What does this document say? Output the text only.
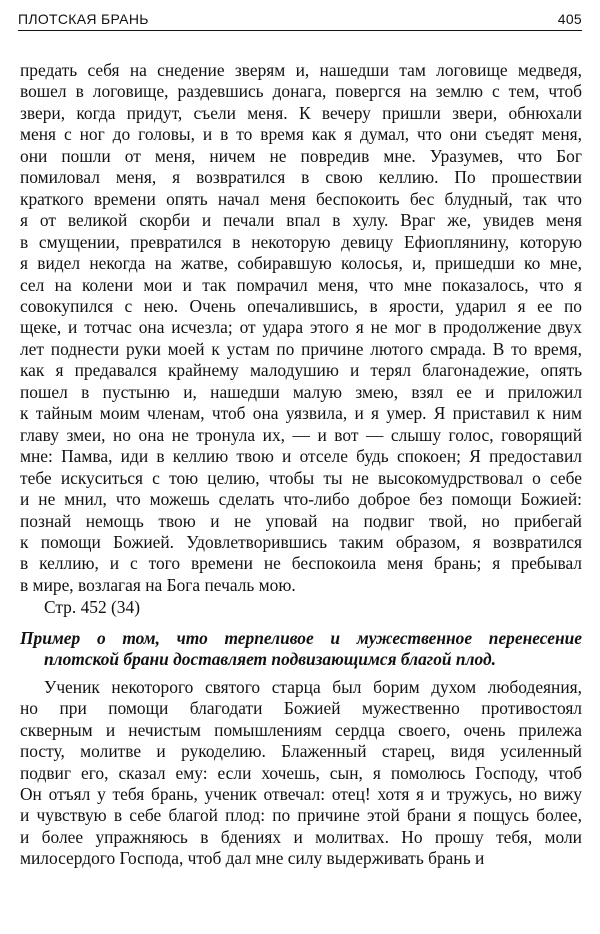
ПЛОТСКАЯ БРАНЬ	405
предать себя на снедение зверям и, нашедши там логовище медведя,
вошел в логовище, раздевшись донага, повергся на землю с тем, чтоб
звери, когда придут, съели меня. К вечеру пришли звери, обнюхали
меня с ног до головы, и в то время как я думал, что они съедят меня,
они пошли от меня, ничем не повредив мне. Уразумев, что Бог
помиловал меня, я возвратился в свою келлию. По прошествии
краткого времени опять начал меня беспокоить бес блудный, так что
я от великой скорби и печали впал в хулу. Враг же, увидев меня
в смущении, превратился в некоторую девицу Ефиоплянину, которую
я видел некогда на жатве, собиравшую колосья, и, пришедши ко мне,
сел на колени мои и так помрачил меня, что мне показалось, что я
совокупился с нею. Очень опечалившись, в ярости, ударил я ее по
щеке, и тотчас она исчезла; от удара этого я не мог в продолжение двух
лет поднести руки моей к устам по причине лютого смрада. В то время,
как я предавался крайнему малодушию и терял благонадежие, опять
пошел в пустыню и, нашедши малую змею, взял ее и приложил
к тайным моим членам, чтоб она уязвила, и я умер. Я приставил к ним
главу змеи, но она не тронула их, — и вот — слышу голос, говорящий
мне: Памва, иди в келлию твою и отселе будь спокоен; Я предоставил
тебе искуситься с тою целию, чтобы ты не высокомудрствовал о себе
и не мнил, что можешь сделать что-либо доброе без помощи Божией:
познай немощь твою и не уповай на подвиг твой, но прибегай
к помощи Божией. Удовлетворившись таким образом, я возвратился
в келлию, и с того времени не беспокоила меня брань; я пребывал
в мире, возлагая на Бога печаль мою.
Стр. 452 (34)
Пример о том, что терпеливое и мужественное перенесение
плотской брани доставляет подвизающимся благой плод.
Ученик некоторого святого старца был борим духом любодеяния,
но при помощи благодати Божией мужественно противостоял
скверным и нечистым помышлениям сердца своего, очень прилежа
посту, молитве и рукоделию. Блаженный старец, видя усиленный
подвиг его, сказал ему: если хочешь, сын, я помолюсь Господу, чтоб
Он отъял у тебя брань, ученик отвечал: отец! хотя я и тружусь, но вижу
и чувствую в себе благой плод: по причине этой брани я пощусь более,
и более упражняюсь в бдениях и молитвах. Но прошу тебя, моли
милосердого Господа, чтоб дал мне силу выдерживать брань и
